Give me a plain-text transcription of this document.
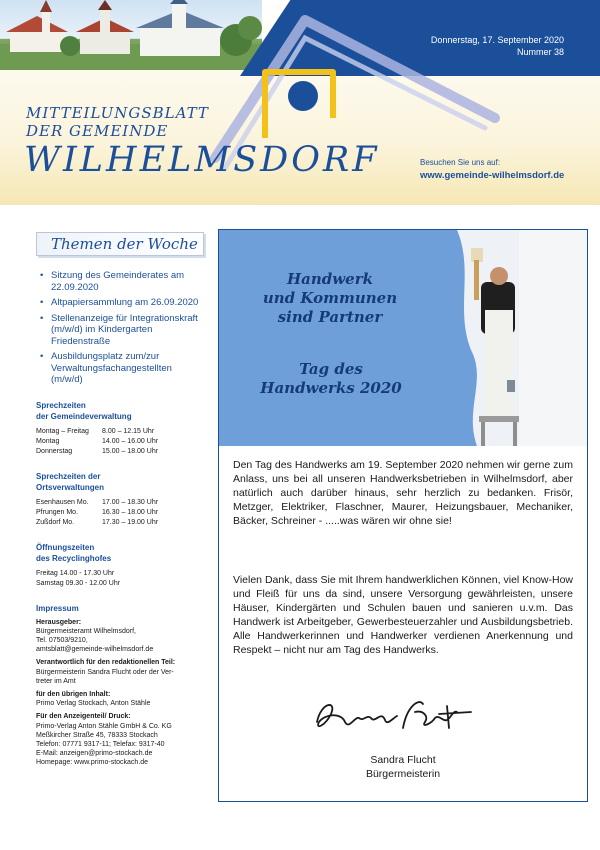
Donnerstag, 17. September 2020
Nummer 38
MITTEILUNGSBLATT
DER GEMEINDE
WILHELMSDORF	Besuchen Sie uns auf:
www.gemeinde-wilhelmsdorf.de
Themen der Woche
• Sitzung des Gemeinderates am 22.09.2020
• Altpapiersammlung am 26.09.2020
• Stellenanzeige für Integrationskraft (m/w/d) im Kindergarten Friedenstraße
• Ausbildungsplatz zum/zur Verwaltungsfachangestellten (m/w/d)
Sprechzeiten
der Gemeindeverwaltung
Montag – Freitag	8.00 – 12.15 Uhr
Montag	14.00 – 16.00 Uhr
Donnerstag	15.00 – 18.00 Uhr
Sprechzeiten der
Ortsverwaltungen
Esenhausen Mo.	17.00 – 18.30 Uhr
Pfrungen Mo.	16.30 – 18.00 Uhr
Zußdorf Mo.	17.30 – 19.00 Uhr
Öffnungszeiten
des Recyclinghofes
Freitag 14.00 - 17.30 Uhr
Samstag 09.30 - 12.00 Uhr
Impressum
Herausgeber:
Bürgermeisteramt Wilhelmsdorf,
Tel. 07503/9210,
amtsblatt@gemeinde-wilhelmsdorf.de
Verantwortlich für den redaktionellen Teil:
Bürgermeisterin Sandra Flucht oder der Ver-
treter im Amt
für den übrigen Inhalt:
Primo Verlag Stockach, Anton Stähle
Für den Anzeigenteil/ Druck:
Primo-Verlag Anton Stähle GmbH & Co. KG
Meßkircher Straße 45, 78333 Stockach
Telefon: 07771 9317-11; Telefax: 9317-40
E-Mail: anzeigen@primo-stockach.de
Homepage: www.primo-stockach.de
Handwerk
und Kommunen
sind Partner
Tag des
Handwerks 2020
Den Tag des Handwerks am 19. September 2020 nehmen wir gerne zum Anlass, uns bei all unseren Handwerksbetrieben in Wilhelmsdorf, aber natürlich auch darüber hinaus, sehr herzlich zu bedanken. Frisör, Metzger, Elektriker, Flaschner, Maurer, Heizungsbauer, Mechaniker, Bäcker, Schreiner - .....was wären wir ohne sie!
Vielen Dank, dass Sie mit Ihrem handwerklichen Können, viel Know-How und Fleiß für uns da sind, unsere Versorgung gewährleisten, unsere Häuser, Kindergärten und Schulen bauen und sanieren u.v.m. Das Handwerk ist Arbeitgeber, Gewerbesteuerzahler und Ausbildungsbetrieb. Alle Handwerkerinnen und Handwerker verdienen Anerkennung und Respekt – nicht nur am Tag des Handwerks.
Sandra Flucht
Bürgermeisterin
